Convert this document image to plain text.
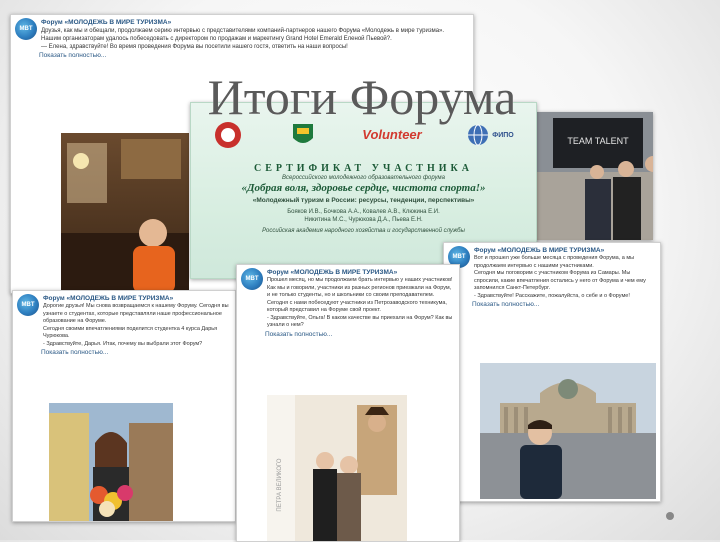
MBT
Форум «МОЛОДЕЖЬ В МИРЕ ТУРИЗМА»
Друзья, как мы и обещали, продолжаем серию интервью с представителями компаний-партнеров нашего Форума «Молодежь в мире туризма». Нашим организаторам удалось побеседовать с директором по продажам и маркетингу Grand Hotel Emerald Еленой Пьевой?.
— Елена, здравствуйте! Во время проведения Форума вы посетили нашего гостя, ответить на наши вопросы!
Показать полностью...
TEAM TALENT
Volunteer	ФИПО
СЕРТИФИКАТ УЧАСТНИКА
Всероссийского молодежного образовательного форума
«Добрая воля, здоровье сердце, чистота спорта!»
«Молодежный туризм в России: ресурсы, тенденции, перспективы»
Бояков И.В., Бочкова А.А., Ковалев А.В., Клюкина Е.И.
Никитина М.С., Чурюкова Д.А., Пьева Е.Н.
Российская академия народного хозяйства и государственной службы
Итоги Форума
MBT
Форум «МОЛОДЕЖЬ В МИРЕ ТУРИЗМА»
Дорогие друзья! Мы снова возвращаемся к нашему Форуму. Сегодня вы узнаете о студентах, которые представляли наше профессиональное образование на Форуме.
Сегодня своими впечатлениями поделится студентка 4 курса Дарья Чурюкова.
- Здравствуйте, Дарья. Итак, почему вы выбрали этот Форум?
Показать полностью...
MBT
Форум «МОЛОДЕЖЬ В МИРЕ ТУРИЗМА»
Прошел месяц, но мы продолжаем брать интервью у наших участников!
Как мы и говорили, участники из разных регионов приезжали на Форум, и не только студенты, но и школьники со своим преподавателем. Сегодня с нами побеседуют участники из Петрозаводского техникума, который представил на Форуме свой проект.
- Здравствуйте, Ольга! В каком качестве вы приехали на Форум? Как вы узнали о нем?
Показать полностью...
ПЕТРА ВЕЛИКОГО
MBT
Форум «МОЛОДЕЖЬ В МИРЕ ТУРИЗМА»
Вот и прошел уже больше месяца с проведения Форума, а мы продолжаем интервью с нашими участниками.
Сегодня мы поговорим с участником Форума из Самары. Мы спросили, какие впечатления остались у него от Форума и чем ему запомнился Санкт-Петербург.
- Здравствуйте! Расскажите, пожалуйста, о себе и о Форуме!
Показать полностью...
